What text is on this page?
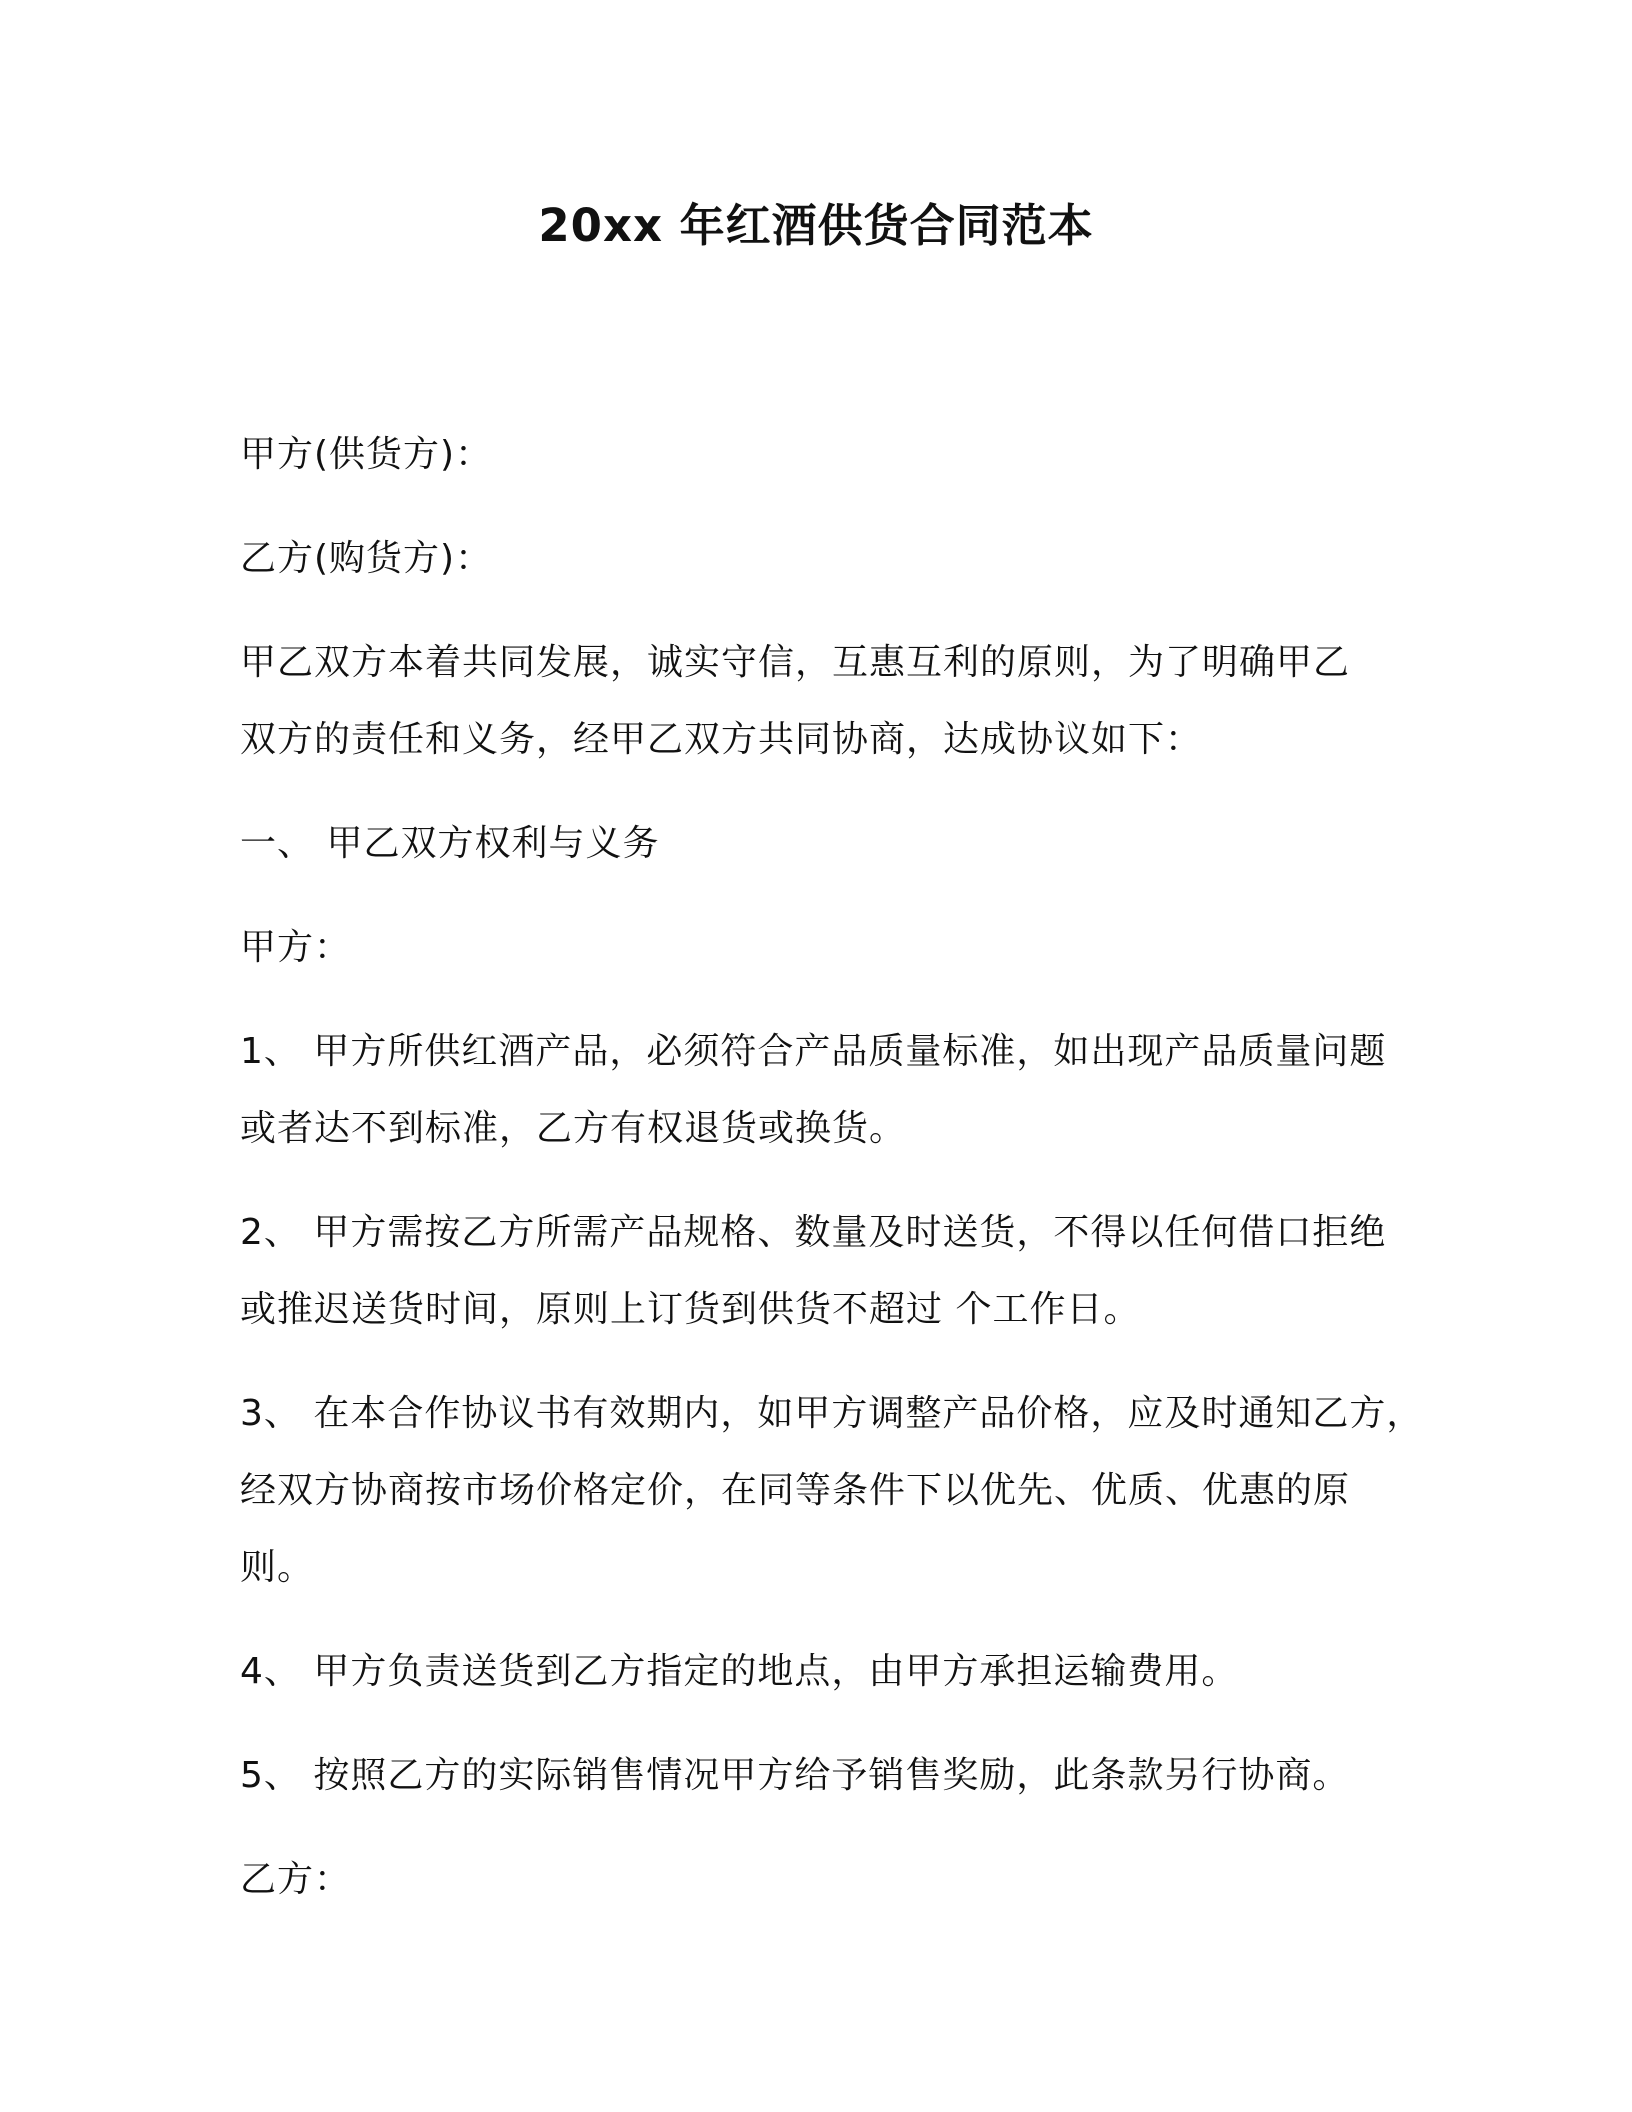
20xx 年红酒供货合同范本

甲方(供货方)：

乙方(购货方)：

甲乙双方本着共同发展，诚实守信，互惠互利的原则，为了明确甲乙
双方的责任和义务，经甲乙双方共同协商，达成协议如下：

一、 甲乙双方权利与义务

甲方：

1、 甲方所供红酒产品，必须符合产品质量标准，如出现产品质量问题
或者达不到标准，乙方有权退货或换货。

2、 甲方需按乙方所需产品规格、数量及时送货，不得以任何借口拒绝
或推迟送货时间，原则上订货到供货不超过 个工作日。

3、 在本合作协议书有效期内，如甲方调整产品价格，应及时通知乙方，
经双方协商按市场价格定价，在同等条件下以优先、优质、优惠的原
则。

4、 甲方负责送货到乙方指定的地点，由甲方承担运输费用。

5、 按照乙方的实际销售情况甲方给予销售奖励，此条款另行协商。

乙方：
